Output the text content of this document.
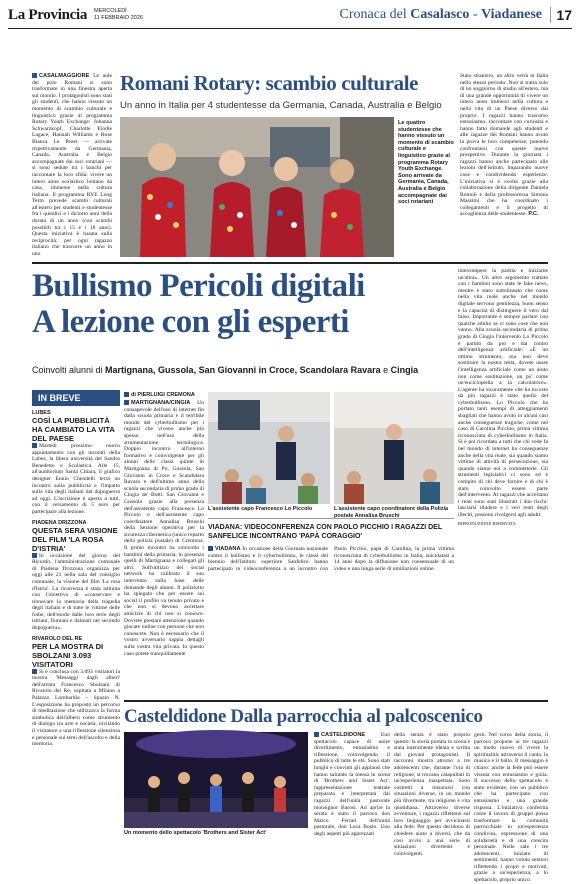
La Provincia MERCOLEDÌ
11 FEBBRAIO 2026	Cronaca del Casalasco - Viadanese	17
CASALMAGGIORE Le aule del polo Romani si sono trasformate in una finestra aperta sul mondo. I protagonisti sono stati gli studenti, che hanno vissuto un momento di scambio culturale e linguistico grazie al programma Rotary Youth Exchange: Johanna Schwarzkopf, Charlotte Elodie Lagace, Hannah Williams e Rose Bianca Le Pezet — arrivate rispettivamente da Germania, Canada, Australia e Belgio accompagnate dai soci rotariani — si sono sedute tra i banchi per raccontare la loro sfida: vivere un intero anno scolastico lontano da casa, immerse nella cultura italiana. Il programma RYE Long Term prevede scambi culturali all'estero per studenti e studentesse fra i quindici e i diciotto anni della durata di un anno (con scambi possibili tra i 15 e i 18 anni). Questa iniziativa è basata sulla reciprocità: per ogni ragazzo italiano che trascorre un anno in uno
Romani Rotary: scambio culturale
Un anno in Italia per 4 studentesse da Germania, Canada, Australia e Belgio
Le quattro studentesse che hanno vissuto un momento di scambio culturale e linguistico grazie al programma Rotary Youth Exchange. Sono arrivate da Germania, Canada, Australia e Belgio accompagnate dai soci rotariani
Stato straniero, un altro verrà in Italia nello stesso periodo. Non si tratta solo di un soggiorno di studio all'estero, ma di una grande opportunità di vivere un intero anno immersi nella cultura e nella vita di un Paese diverso dal proprio. I ragazzi hanno trascorso entusiasmo, raccontare con curiosità e hanno fatto domande agli studenti e alle ragazze dei Romani hanno avuto la prova le loro competenze, potendo confrontarsi con queste nuove prospettive. Durante la giornata i ragazzi hanno anche partecipato alle lezioni dell'istituto, imparando nuove cose e condividendo esperienze. L'iniziativa si è svolta grazie alla collaborazione della dirigente Daniela Romoli e della professoressa Simona Massimi che ha coordinato i collegamenti e il progetto di accoglienza delle studentesse. P.C.
Bullismo Pericoli digitali
A lezione con gli esperti
Coinvolti alunni di Martignana, Gussola, San Giovanni in Croce, Scandolara Ravara e Cingia
interrompere la partita e iniziarne un'altra». Un altro argomento trattato con i bambini sono state le fake news, mentre è stato sottolineato che come nella vita reale anche nel mondo digitale servono gentilezza, buon senso e la capacità di distinguere il vero dal falso. Importante è sempre parlare con qualche adulto se ci sono cose che non vanno. Alla scuola secondaria di primo grado di Cingia l'intervento Lo Piccolo è partito da pro e dai contro dell'intelligenza artificiale: «È un ottimo strumento, ma non deve sostituire la nostra testa, dovete usare l'intelligenza artificiale come un aiuto non come sostituzione, un po' come un'enciclopedia a la calcolatrice». L'agente ha sicuramente che ha toccato da più ragazzi è stato quello del cyberbullismo. Lo Piccolo che ha portato tanti esempi di atteggiamenti sbagliati che hanno avuto in alcuni casi anche conseguenze tragiche, come nel caso di Carolina Picchio, prima vittima riconosciuta di cyberbullismo in Italia. Si è poi ricordato a tutti che chi vede fa nel mondo di internet ha conseguenze anche nella vita reale, sia quando siamo vittime di attività di persecuzione, sia quando siamo noi a commetterle. Gli strumenti legislativi ci sono ed è compito di chi deve fornire e di chi è stato coinvolto essere parte dell'intervento. Al ragazzi che accertano i reati sono stati illustrati i due rischi: lasciarsi illudere e i veri reati degli illeciti, possono rivolgersi agli adulti.
RIPRODUZIONE RISERVATA
IN BREVE
LUBES
COSÌ LA PUBBLICITÀ HA CAMBIATO LA VITA DEL PAESE
Martedì prossimo nuovo appuntamento con gli incontri della Lubes, la libera università del Sandro Benedetto e Scolastica. Alle 15, all'auditorium Santa Chiara, il grafico designer Ennio Chendelli terrà un incontro sulla pubblicità e l'impatto sulla vita degli italiani dal dopoguerra ad oggi. L'iscrizione è aperta a tutti, con il versamento di 5 euro per partecipare alla lezione.
PIADENA DRIZZONA
QUESTA SERA VISIONE DEL FILM 'LA ROSA D'ISTRIA'
In occasione del giorno del Ricordo, l'amministrazione comunale di Piadena Drizzona organizza per oggi alle 21 nella sala del consiglio comunale, la visione del film 'La rosa d'Istria'. La ricorrenza è stata istituita con l'obiettivo di «conservare e rinnovare la memoria della tragedia degli italiani e di tutte le vittime delle foibe, dell'esodo dalle loro terre degli istriani, fiumani e dalmati nel secondo dopoguerra».
RIVAROLO DEL RE
PER LA MOSTRA DI SBOLZANI 3.093 VISITATORI
Si è conclusa con 3.093 visitatori la mostra 'Messaggi dagli alberi' dell'artista Francesco Sbolzani di Rivarolo del Re, ospitata a Milano a Palazzo Lombardia – Spazio N. L'esposizione ha proposto un percorso di meditazione che utilizzava la forma simbolica dell'albero come strumento di dialogo tra arte e società, invitando il visitatore a una riflessione silenziosa e personale sui temi dell'ascolto e della memoria.
di PIERLUIGI CREMONA
MARTIGNANA/CINGIA Un consapevole dell'uso di internet fin dalla scuola primaria e il terribile mondo del cyberbullismo per i ragazzi che vivono anche più spesso nell'uso della strumentazione tecnologica. Doppio incontro all'interno formativo e coinvolgente per gli alunni delle classi quinte di Martignana di Po, Gussola, San Giovanni in Croce e Scandolara Ravara e dell'ultimo anno della scuola secondaria di primo grado di Cingia de' Botti. San Giovanni e Gussola grazie alla presenza dell'assistente capo Francesco Lo Piccolo e dell'assistente capo coordinatore Annalisa Bruschi della Sezione operativa per la sicurezza cibernetica (unico reparto della polizia postale) di Cremona. Il primo incontro ha coinvolto i bambini della primaria, in presenza quelli di Martignana e collegati gli altri. Sull'utilizzo dei social network ha calibrato il suo intervento sulla base delle domande degli alunni. Il poliziotto ha spiegato che per essere sui social il profilo va tenuto privato e che non si devono accettare amicizie di chi non si conosce. Dovrete prestare attenzione quando giocate online con persone che non conoscete. Non è necessario che il vostro avversario sappia dettagli sulla vostra vita privata. In questo caso potete tranquillamente
L'assistente capo Francesco Lo Piccolo	L'assistente capo coordinatore della Polizia postale Annalisa Bruschi
VIADANA: VIDEOCONFERENZA CON PAOLO PICCHIO I RAGAZZI DEL SANFELICE INCONTRANO 'PAPÀ CORAGGIO'
VIADANA In occasione della Giornata nazionale contro il bullismo e il cyberbullismo, le classi del biennio dell'Istituto superiore Sanfelice hanno partecipato in videoconferenza a un incontro con Paolo Picchio, papà di Carolina, la prima vittima riconosciuta di cyberbullismo in Italia, suicidatasi a 14 anni dopo la diffusione non consensuale di un video e una lunga serie di umiliazioni online.
Casteldidone Dalla parrocchia al palcoscenico
Un momento dello spettacolo 'Brothers and Sister Act'
CASTELDIDONE	Uno spettacolo capace di unire divertimento, entusiasmo e riflessione, coinvolgendo il pubblico di tutte le età. Sono stati lunghi e convinti gli applausi che hanno salutato la messa in scena di 'Brothers and Sister Act', rappresentazione teatrale preparata e interpretata dai ragazzi dell'unità pastorale monsignor Barosi. Ad aprire la serata è stato il parroco don Marco Ferrari dell'unità pastorale, don Luca Bosio. Uno degli aspetti più apprezzati
della serata è stato proprio questo: la storia portata in scena è stata interamente ideata e scritta dai giovani protagonisti. Il racconto mostra attorno a tre adolescenti che, durante l'ora di religione, si trovano catapultati in un'esperienza inaspettata. Sono costretti a misurarsi con situazioni diverse, in un mondo più divertente, tra religione e vita quotidiana. Attraverso diverse avventure, i ragazzi riflettono sul loro linguaggio per avvicinarsi alla fede. Per questo decidono di chiedere aiuto a diversi, che da così avvio a una serie di situazioni divertenti e coinvolgenti.
gesti. Nel corso della storia, il parroco propone ai tre ragazzi un modo nuovo di vivere la spiritualità: attraverso il canto, la musica e il ballo. Il messaggio è chiaro: anche la fede può essere vissuta con entusiasmo e gioia. Il successo dello spettacolo è stato evidente, con un pubblico che ha partecipato con entusiasmo e una grande risposta. L'iniziativa conferma come il lavoro di gruppo possa trasformare la comunità parrocchiale in un'esperienza condivisa, espressione di una solidarietà e di una crescita personale. Nelle sale i tre adolescenti, iniziato di sentimenti, hanno voluto sentirsi riflettendo i propri e motivati, grazie a un'esperienza, a lo spettacolo, proprio unico.
